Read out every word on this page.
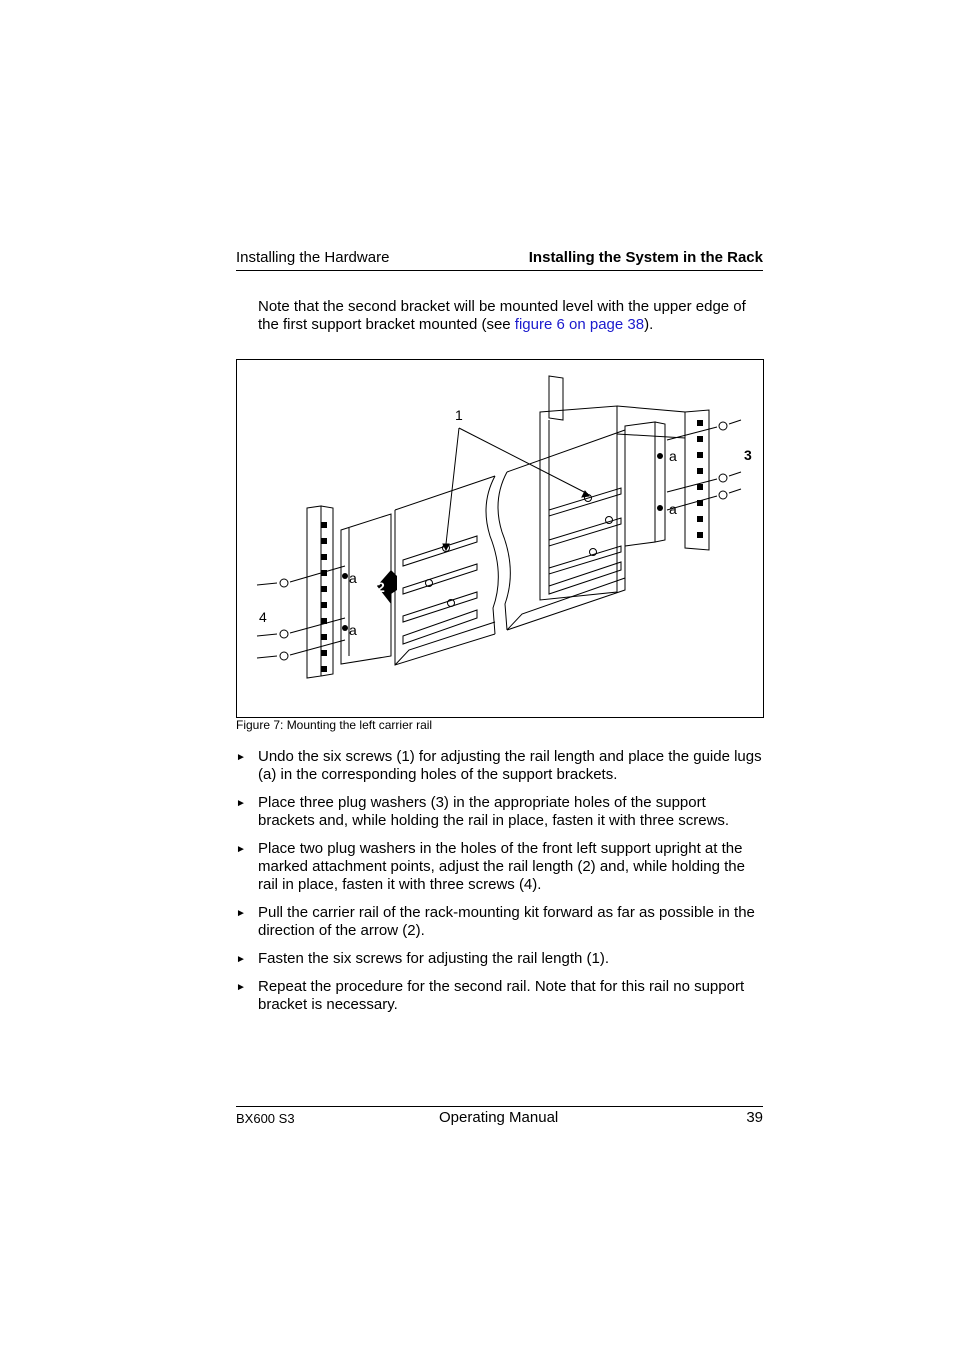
Installing the Hardware	Installing the System in the Rack
Note that the second bracket will be mounted level with the upper edge of the first support bracket mounted (see figure 6 on page 38).
2
1
3
4
a
a
a
a
Figure 7: Mounting the left carrier rail
► Undo the six screws (1) for adjusting the rail length and place the guide lugs (a) in the corresponding holes of the support brackets.
► Place three plug washers (3) in the appropriate holes of the support brackets and, while holding the rail in place, fasten it with three screws.
► Place two plug washers in the holes of the front left support upright at the marked attachment points, adjust the rail length (2) and, while holding the rail in place, fasten it with three screws (4).
► Pull the carrier rail of the rack-mounting kit forward as far as possible in the direction of the arrow (2).
► Fasten the six screws for adjusting the rail length (1).
► Repeat the procedure for the second rail. Note that for this rail no support bracket is necessary.
BX600 S3	Operating Manual	39
